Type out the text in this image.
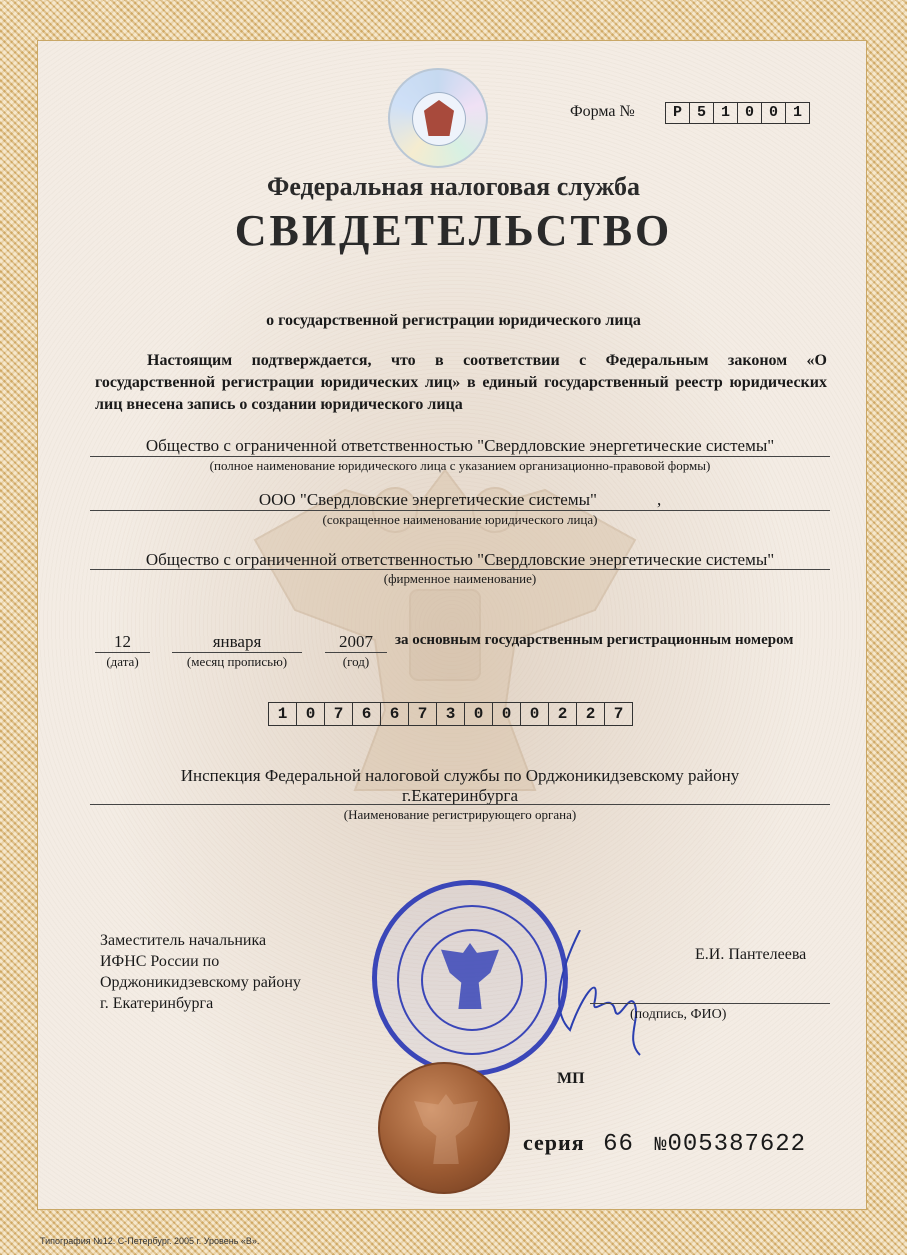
Форма №	Р 5 1 0 0 1
Федеральная налоговая служба
СВИДЕТЕЛЬСТВО
о государственной регистрации юридического лица
Настоящим подтверждается, что в соответствии с Федеральным законом «О государственной регистрации юридических лиц» в единый государственный реестр юридических лиц внесена запись о создании юридического лица
Общество с ограниченной ответственностью "Свердловские энергетические системы"
(полное наименование юридического лица с указанием организационно-правовой формы)
ООО "Свердловские энергетические системы"	,
(сокращенное наименование юридического лица)
Общество с ограниченной ответственностью "Свердловские энергетические системы"
(фирменное наименование)
12
(дата)
января
(месяц прописью)
2007
(год)
за основным государственным регистрационным номером
1	0	7	6	6	7	3	0	0	0	2	2	7
Инспекция Федеральной налоговой службы по Орджоникидзевскому району
г.Екатеринбурга
(Наименование регистрирующего органа)
Заместитель начальника
ИФНС России по
Орджоникидзевскому району
г. Екатеринбурга
Е.И. Пантелеева
(подпись, ФИО)
МП
серия 66 №005387622
Типография №12. С-Петербург. 2005 г. Уровень «В».
